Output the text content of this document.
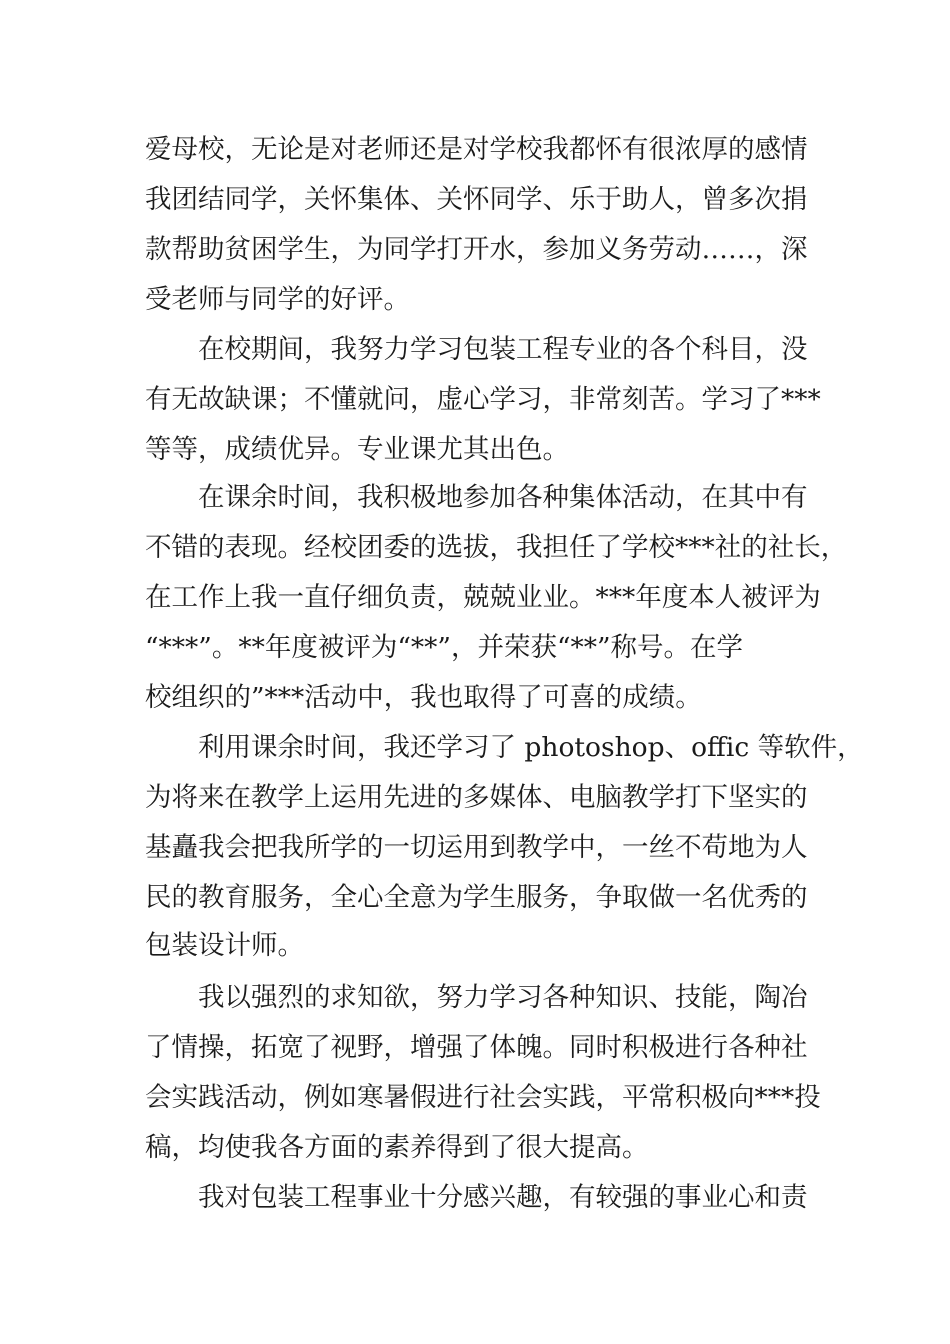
爱母校，无论是对老师还是对学校我都怀有很浓厚的感情
我团结同学，关怀集体、关怀同学、乐于助人，曾多次捐
款帮助贫困学生，为同学打开水，参加义务劳动……，深
受老师与同学的好评。
在校期间，我努力学习包装工程专业的各个科目，没
有无故缺课；不懂就问，虚心学习，非常刻苦。学习了***
等等，成绩优异。专业课尤其出色。
在课余时间，我积极地参加各种集体活动，在其中有
不错的表现。经校团委的选拔，我担任了学校***社的社长，
在工作上我一直仔细负责，兢兢业业。***年度本人被评为
“***”。**年度被评为“**”，并荣获“**”称号。在学
校组织的”***活动中，我也取得了可喜的成绩。
利用课余时间，我还学习了 photoshop、offic 等软件，
为将来在教学上运用先进的多媒体、电脑教学打下坚实的
基矗我会把我所学的一切运用到教学中，一丝不苟地为人
民的教育服务，全心全意为学生服务，争取做一名优秀的
包装设计师。
我以强烈的求知欲，努力学习各种知识、技能，陶冶
了情操，拓宽了视野，增强了体魄。同时积极进行各种社
会实践活动，例如寒暑假进行社会实践，平常积极向***投
稿，均使我各方面的素养得到了很大提高。
我对包装工程事业十分感兴趣，有较强的事业心和责
